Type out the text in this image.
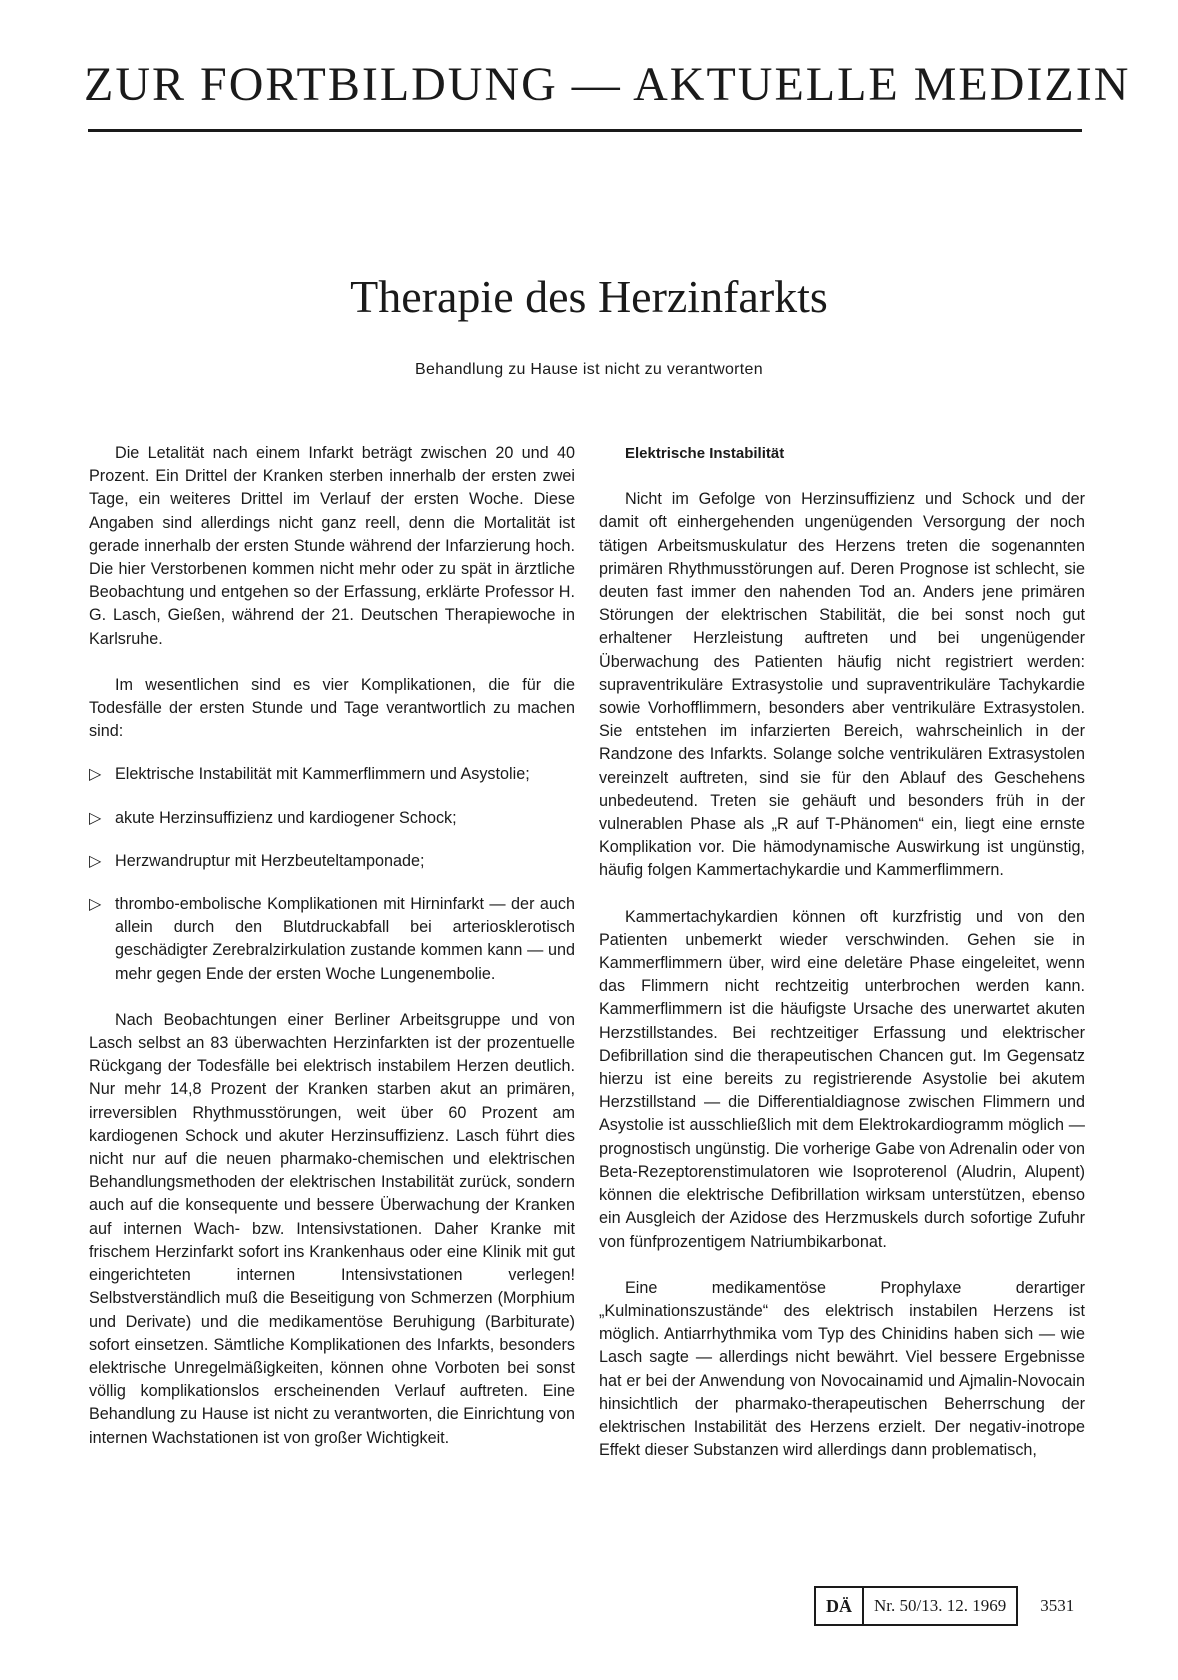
ZUR FORTBILDUNG — AKTUELLE MEDIZIN
Therapie des Herzinfarkts
Behandlung zu Hause ist nicht zu verantworten

Die Letalität nach einem Infarkt beträgt zwischen 20 und 40 Prozent. Ein Drittel der Kranken sterben innerhalb der ersten zwei Tage, ein weiteres Drittel im Verlauf der ersten Woche. Diese Angaben sind allerdings nicht ganz reell, denn die Mortalität ist gerade innerhalb der ersten Stunde während der Infarzierung hoch. Die hier Verstorbenen kommen nicht mehr oder zu spät in ärztliche Beobachtung und entgehen so der Erfassung, erklärte Professor H. G. Lasch, Gießen, während der 21. Deutschen Therapiewoche in Karlsruhe.

Im wesentlichen sind es vier Komplikationen, die für die Todesfälle der ersten Stunde und Tage verantwortlich zu machen sind:

▷ Elektrische Instabilität mit Kammerflimmern und Asystolie;
▷ akute Herzinsuffizienz und kardiogener Schock;
▷ Herzwandruptur mit Herzbeuteltamponade;
▷ thrombo-embolische Komplikationen mit Hirninfarkt — der auch allein durch den Blutdruckabfall bei arteriosklerotisch geschädigter Zerebralzirkulation zustande kommen kann — und mehr gegen Ende der ersten Woche Lungenembolie.

Nach Beobachtungen einer Berliner Arbeitsgruppe und von Lasch selbst an 83 überwachten Herzinfarkten ist der prozentuelle Rückgang der Todesfälle bei elektrisch instabilem Herzen deutlich. Nur mehr 14,8 Prozent der Kranken starben akut an primären, irreversiblen Rhythmusstörungen, weit über 60 Prozent am kardiogenen Schock und akuter Herzinsuffizienz. Lasch führt dies nicht nur auf die neuen pharmako-chemischen und elektrischen Behandlungsmethoden der elektrischen Instabilität zurück, sondern auch auf die konsequente und bessere Überwachung der Kranken auf internen Wach- bzw. Intensivstationen. Daher Kranke mit frischem Herzinfarkt sofort ins Krankenhaus oder eine Klinik mit gut eingerichteten internen Intensivstationen verlegen! Selbstverständlich muß die Beseitigung von Schmerzen (Morphium und Derivate) und die medikamentöse Beruhigung (Barbiturate) sofort einsetzen. Sämtliche Komplikationen des Infarkts, besonders elektrische Unregelmäßigkeiten, können ohne Vorboten bei sonst völlig komplikationslos erscheinenden Verlauf auftreten. Eine Behandlung zu Hause ist nicht zu verantworten, die Einrichtung von internen Wachstationen ist von großer Wichtigkeit.

Elektrische Instabilität

Nicht im Gefolge von Herzinsuffizienz und Schock und der damit oft einhergehenden ungenügenden Versorgung der noch tätigen Arbeitsmuskulatur des Herzens treten die sogenannten primären Rhythmusstörungen auf. Deren Prognose ist schlecht, sie deuten fast immer den nahenden Tod an. Anders jene primären Störungen der elektrischen Stabilität, die bei sonst noch gut erhaltener Herzleistung auftreten und bei ungenügender Überwachung des Patienten häufig nicht registriert werden: supraventrikuläre Extrasystolie und supraventrikuläre Tachykardie sowie Vorhofflimmern, besonders aber ventrikuläre Extrasystolen. Sie entstehen im infarzierten Bereich, wahrscheinlich in der Randzone des Infarkts. Solange solche ventrikulären Extrasystolen vereinzelt auftreten, sind sie für den Ablauf des Geschehens unbedeutend. Treten sie gehäuft und besonders früh in der vulnerablen Phase als „R auf T-Phänomen“ ein, liegt eine ernste Komplikation vor. Die hämodynamische Auswirkung ist ungünstig, häufig folgen Kammertachykardie und Kammerflimmern.

Kammertachykardien können oft kurzfristig und von den Patienten unbemerkt wieder verschwinden. Gehen sie in Kammerflimmern über, wird eine deletäre Phase eingeleitet, wenn das Flimmern nicht rechtzeitig unterbrochen werden kann. Kammerflimmern ist die häufigste Ursache des unerwartet akuten Herzstillstandes. Bei rechtzeitiger Erfassung und elektrischer Defibrillation sind die therapeutischen Chancen gut. Im Gegensatz hierzu ist eine bereits zu registrierende Asystolie bei akutem Herzstillstand — die Differentialdiagnose zwischen Flimmern und Asystolie ist ausschließlich mit dem Elektrokardiogramm möglich — prognostisch ungünstig. Die vorherige Gabe von Adrenalin oder von Beta-Rezeptorenstimulatoren wie Isoproterenol (Aludrin, Alupent) können die elektrische Defibrillation wirksam unterstützen, ebenso ein Ausgleich der Azidose des Herzmuskels durch sofortige Zufuhr von fünfprozentigem Natriumbikarbonat.

Eine medikamentöse Prophylaxe derartiger „Kulminationszustände“ des elektrisch instabilen Herzens ist möglich. Antiarrhythmika vom Typ des Chinidins haben sich — wie Lasch sagte — allerdings nicht bewährt. Viel bessere Ergebnisse hat er bei der Anwendung von Novocainamid und Ajmalin-Novocain hinsichtlich der pharmako-therapeutischen Beherrschung der elektrischen Instabilität des Herzens erzielt. Der negativ-inotrope Effekt dieser Substanzen wird allerdings dann problematisch,

DÄ	Nr. 50/13. 12. 1969	3531
